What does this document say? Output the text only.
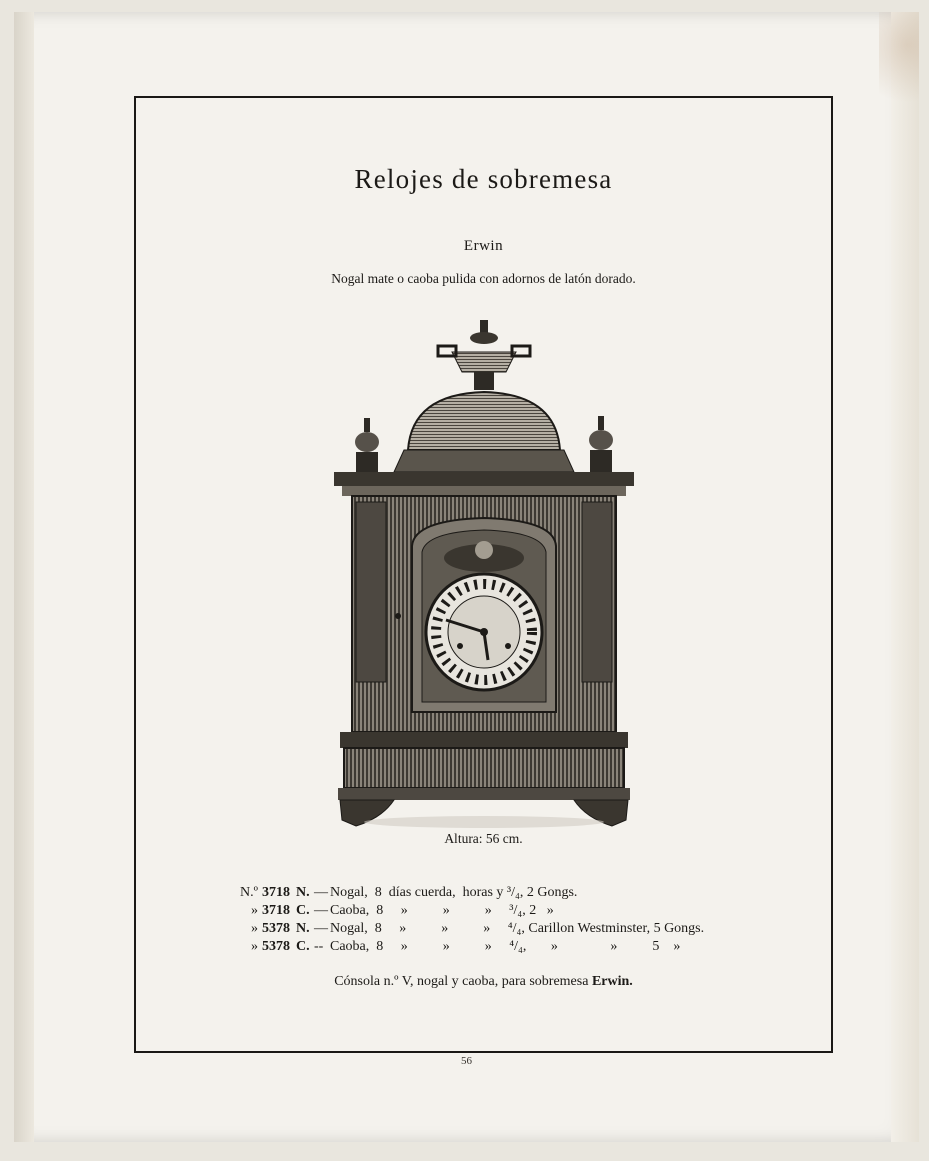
Relojes de sobremesa
Erwin
Nogal mate o caoba pulida con adornos de latón dorado.
Altura: 56 cm.
N.º 3718 N. — Nogal,  8  días cuerda,  horas y ³/₄, 2 Gongs.
» 3718 C. — Caoba,  8     »          »          »     ³/₄, 2   »
» 5378 N. — Nogal,  8     »          »          »     ⁴/₄, Carillon Westminster, 5 Gongs.
» 5378 C. -- Caoba,  8     »          »          »     ⁴/₄,       »               »          5    »
Cónsola n.º V, nogal y caoba, para sobremesa Erwin.
56
